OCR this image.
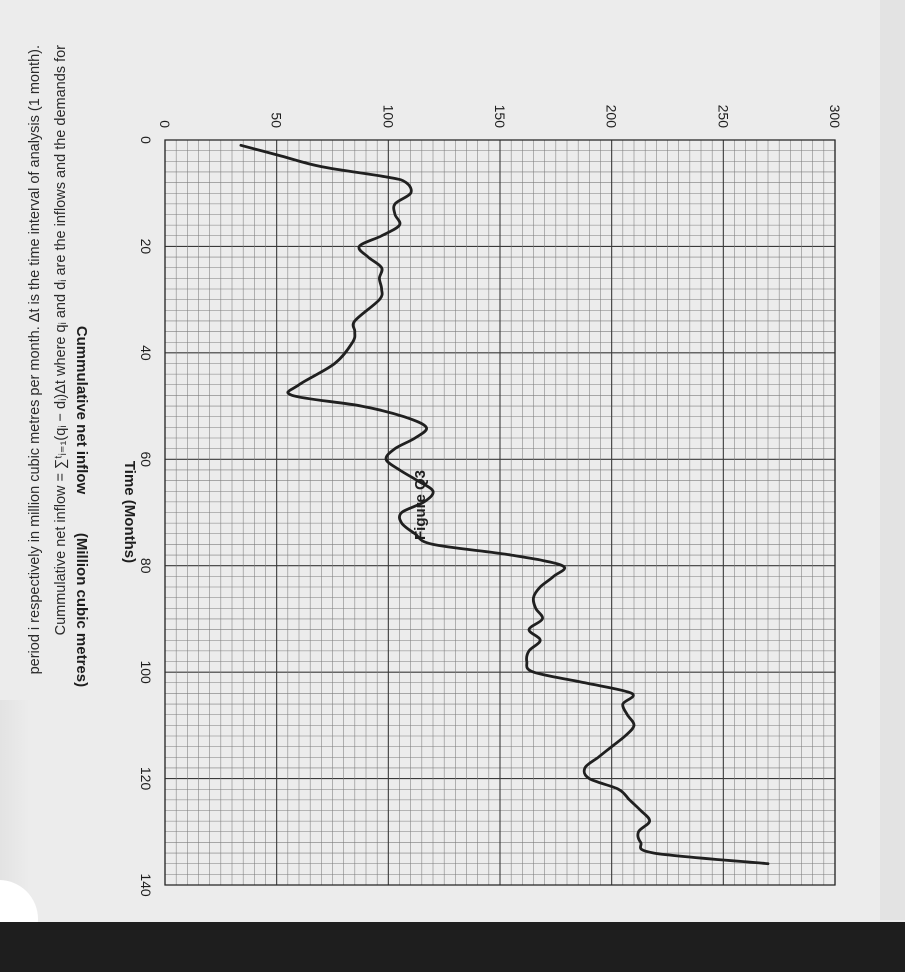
0
20
40
60
80
100
120
140
0	50	100	150	200	250	300
Cummulative net inflow
(Million cubic metres)
Time (Months)
Cummulative net inflow = ∑ᵗᵢ₌₁(qᵢ − dᵢ)Δt where qᵢ and dᵢ are the inflows and the demands for
period i respectively in million cubic metres per month. Δt is the time interval of analysis (1 month).	Figure Q3
